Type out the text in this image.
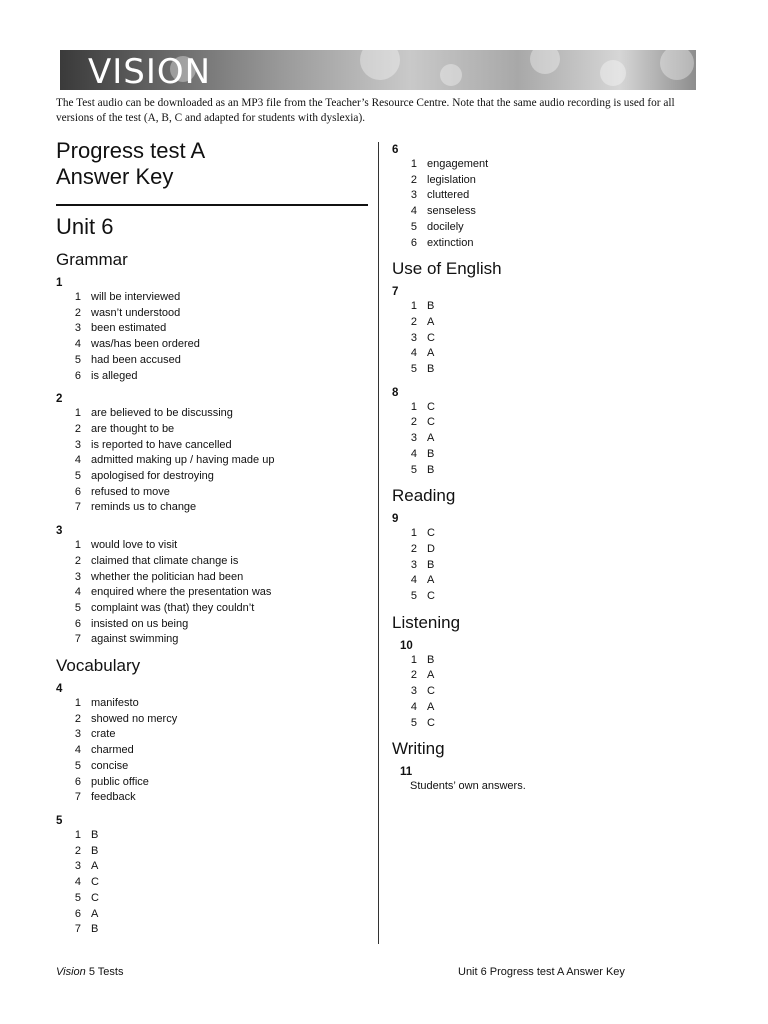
VISION

The Test audio can be downloaded as an MP3 file from the Teacher’s Resource Centre. Note that the same audio recording is used for all versions of the test (A, B, C and adapted for students with dyslexia).

Progress test A
Answer Key
Unit 6
Grammar

1

1 will be interviewed
2 wasn’t understood
3 been estimated
4 was/has been ordered
5 had been accused
6 is alleged

2

1 are believed to be discussing
2 are thought to be
3 is reported to have cancelled
4 admitted making up / having made up
5 apologised for destroying
6 refused to move
7 reminds us to change

3

1 would love to visit
2 claimed that climate change is
3 whether the politician had been
4 enquired where the presentation was
5 complaint was (that) they couldn’t
6 insisted on us being
7 against swimming
Vocabulary

4

1 manifesto
2 showed no mercy
3 crate
4 charmed
5 concise
6 public office
7 feedback

5

1 B
2 B
3 A
4 C
5 C
6 A
7 B

6

1 engagement
2 legislation
3 cluttered
4 senseless
5 docilely
6 extinction
Use of English

7

1 B
2 A
3 C
4 A
5 B

8

1 C
2 C
3 A
4 B
5 B
Reading

9

1 C
2 D
3 B
4 A
5 C
Listening

10

1 B
2 A
3 C
4 A
5 C
Writing

11

Students’ own answers.

Vision 5 Tests	Unit 6 Progress test A Answer Key
